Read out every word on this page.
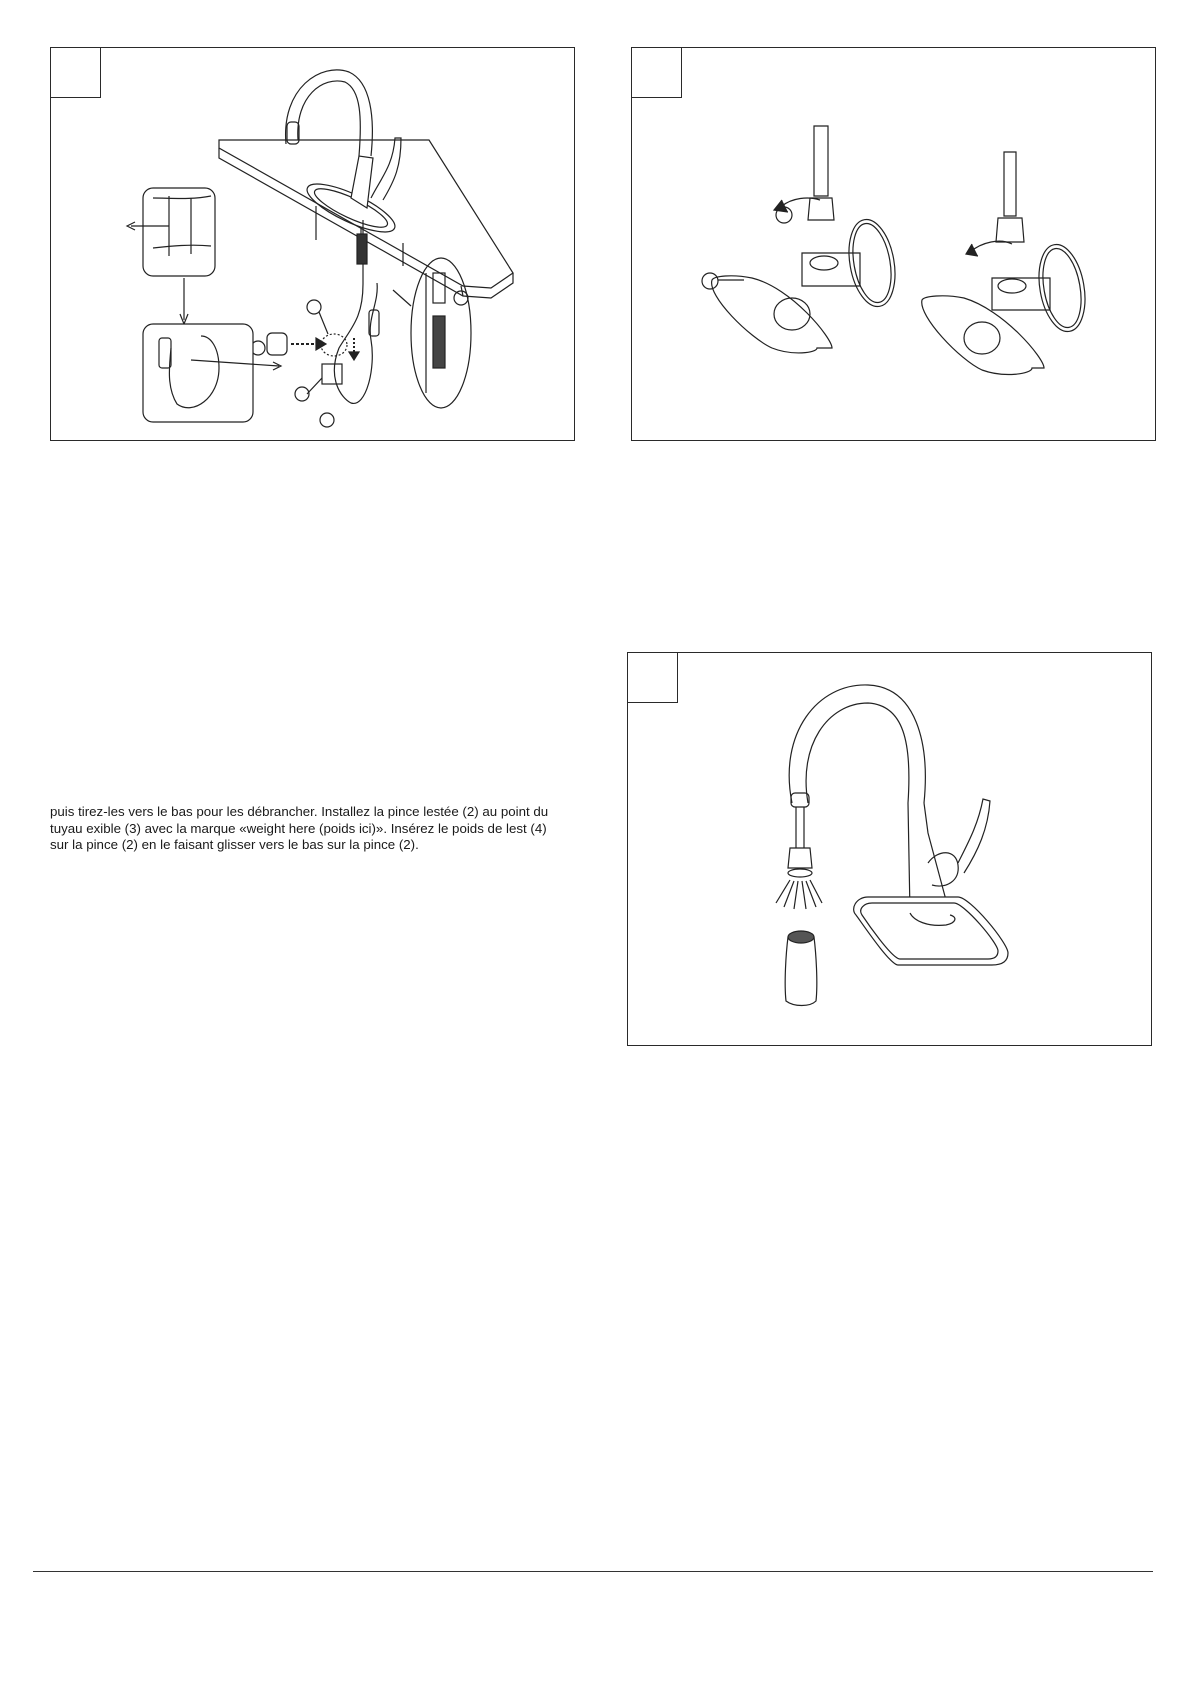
puis tirez-les vers le bas pour les débrancher. Installez la pince lestée (2) au point du
tuyau exible (3) avec la marque «weight here (poids ici)». Insérez le poids de lest (4)
sur la pince (2) en le faisant glisser vers le bas sur la pince (2).
